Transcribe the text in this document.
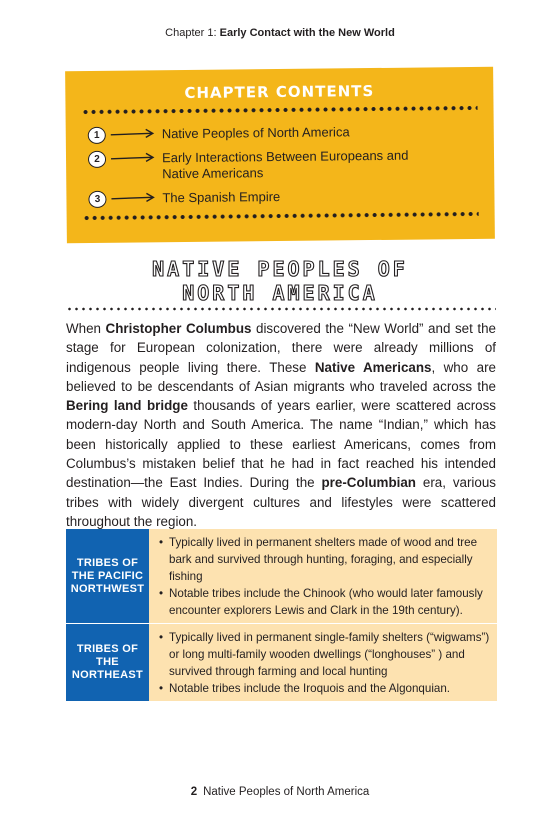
Chapter 1: Early Contact with the New World
CHAPTER CONTENTS
1	Native Peoples of North America
2	Early Interactions Between Europeans and Native Americans
3	The Spanish Empire
NATIVE PEOPLES OF
NORTH AMERICA
When Christopher Columbus discovered the “New World” and set the stage for European colonization, there were already millions of indigenous people living there. These Native Americans, who are believed to be descendants of Asian migrants who traveled across the Bering land bridge thousands of years earlier, were scattered across modern-day North and South America. The name “Indian,” which has been historically applied to these earliest Americans, comes from Columbus’s mistaken belief that he had in fact reached his intended destination—the East Indies. During the pre-Columbian era, various tribes with widely divergent cultures and lifestyles were scattered throughout the region.
TRIBES OF THE PACIFIC NORTHWEST
• Typically lived in permanent shelters made of wood and tree bark and survived through hunting, foraging, and especially fishing
• Notable tribes include the Chinook (who would later famously encounter explorers Lewis and Clark in the 19th century).
TRIBES OF THE NORTHEAST
• Typically lived in permanent single-family shelters (“wigwams”) or long multi-family wooden dwellings (“longhouses” ) and survived through farming and local hunting
• Notable tribes include the Iroquois and the Algonquian.
2 Native Peoples of North America
